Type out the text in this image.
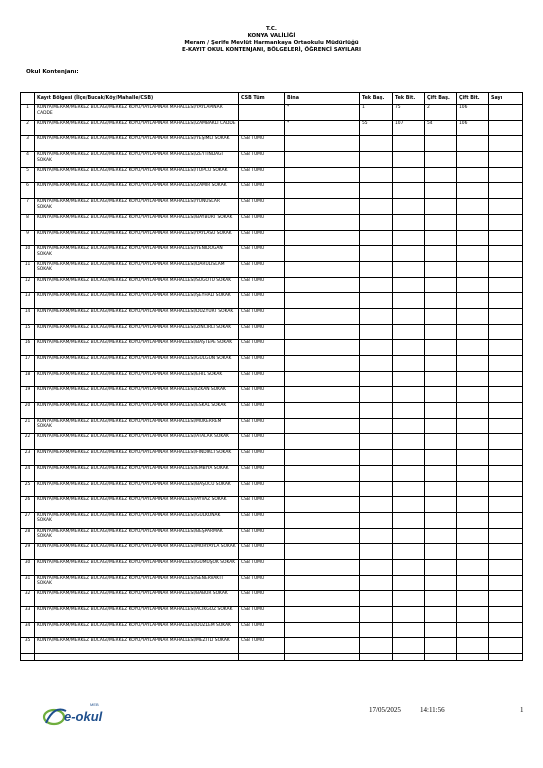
T.C.
KONYA VALİLİĞİ
Meram / Şerife Mevlüt Harmankaya Ortaokulu Müdürlüğü
E-KAYIT OKUL KONTENJANI, BÖLGELERİ, ÖĞRENCİ SAYILARI
Okul Kontenjanı:
	Kayıt Bölgesi (İlçe/Bucak/Köy/Mahalle/CSB)	CSB Tüm	Bina	Tek Baş.	Tek Bit.	Çift Baş.	Çift Bit.	Sayı
1	KONYA/MERAM/MERKEZ BUCAĞI/MERKEZ KÖYÜ/YAYLAPINAR MAHALLESİ/YAYLAPINAR CADDE		*	1	75	2	106	
2	KONYA/MERAM/MERKEZ BUCAĞI/MERKEZ KÖYÜ/YAYLAPINAR MAHALLESİ/ZAMBAKLI CADDE		*	55	107	54	106	
3	KONYA/MERAM/MERKEZ BUCAĞI/MERKEZ KÖYÜ/YAYLAPINAR MAHALLESİ/YEŞİMLİ SOKAK	CSB TÜMÜ						
4	KONYA/MERAM/MERKEZ BUCAĞI/MERKEZ KÖYÜ/YAYLAPINAR MAHALLESİ/ZEYTİNDAĞI SOKAK	CSB TÜMÜ						
5	KONYA/MERAM/MERKEZ BUCAĞI/MERKEZ KÖYÜ/YAYLAPINAR MAHALLESİ/TOPCU SOKAK	CSB TÜMÜ						
6	KONYA/MERAM/MERKEZ BUCAĞI/MERKEZ KÖYÜ/YAYLAPINAR MAHALLESİ/ZAMİR SOKAK	CSB TÜMÜ						
7	KONYA/MERAM/MERKEZ BUCAĞI/MERKEZ KÖYÜ/YAYLAPINAR MAHALLESİ/YUNUSLAR SOKAK	CSB TÜMÜ						
8	KONYA/MERAM/MERKEZ BUCAĞI/MERKEZ KÖYÜ/YAYLAPINAR MAHALLESİ/BAYBURT SOKAK	CSB TÜMÜ						
9	KONYA/MERAM/MERKEZ BUCAĞI/MERKEZ KÖYÜ/YAYLAPINAR MAHALLESİ/YAYLASU SOKAK	CSB TÜMÜ						
10	KONYA/MERAM/MERKEZ BUCAĞI/MERKEZ KÖYÜ/YAYLAPINAR MAHALLESİ/YENİDOĞAN SOKAK	CSB TÜMÜ						
11	KONYA/MERAM/MERKEZ BUCAĞI/MERKEZ KÖYÜ/YAYLAPINAR MAHALLESİ/DARÜLİSLAM SOKAK	CSB TÜMÜ						
12	KONYA/MERAM/MERKEZ BUCAĞI/MERKEZ KÖYÜ/YAYLAPINAR MAHALLESİ/SUGÖTÜ SOKAK	CSB TÜMÜ						
13	KONYA/MERAM/MERKEZ BUCAĞI/MERKEZ KÖYÜ/YAYLAPINAR MAHALLESİ/ŞEYHALİ SOKAK	CSB TÜMÜ						
14	KONYA/MERAM/MERKEZ BUCAĞI/MERKEZ KÖYÜ/YAYLAPINAR MAHALLESİ/DUZYURT SOKAK	CSB TÜMÜ						
15	KONYA/MERAM/MERKEZ BUCAĞI/MERKEZ KÖYÜ/YAYLAPINAR MAHALLESİ/ZİNCİRLİ SOKAK	CSB TÜMÜ						
16	KONYA/MERAM/MERKEZ BUCAĞI/MERKEZ KÖYÜ/YAYLAPINAR MAHALLESİ/BAŞTEPE SOKAK	CSB TÜMÜ						
17	KONYA/MERAM/MERKEZ BUCAĞI/MERKEZ KÖYÜ/YAYLAPINAR MAHALLESİ/GÜLGÜN SOKAK	CSB TÜMÜ						
18	KONYA/MERAM/MERKEZ BUCAĞI/MERKEZ KÖYÜ/YAYLAPINAR MAHALLESİ/EHİL SOKAK	CSB TÜMÜ						
19	KONYA/MERAM/MERKEZ BUCAĞI/MERKEZ KÖYÜ/YAYLAPINAR MAHALLESİ/İZKAN SOKAK	CSB TÜMÜ						
20	KONYA/MERAM/MERKEZ BUCAĞI/MERKEZ KÖYÜ/YAYLAPINAR MAHALLESİ/ESKAL SOKAK	CSB TÜMÜ						
21	KONYA/MERAM/MERKEZ BUCAĞI/MERKEZ KÖYÜ/YAYLAPINAR MAHALLESİ/MÜKERREM SOKAK	CSB TÜMÜ						
22	KONYA/MERAM/MERKEZ BUCAĞI/MERKEZ KÖYÜ/YAYLAPINAR MAHALLESİ/ATALAR SOKAK	CSB TÜMÜ						
23	KONYA/MERAM/MERKEZ BUCAĞI/MERKEZ KÖYÜ/YAYLAPINAR MAHALLESİ/FİNDİKCİ SOKAK	CSB TÜMÜ						
24	KONYA/MERAM/MERKEZ BUCAĞI/MERKEZ KÖYÜ/YAYLAPINAR MAHALLESİ/EMBİYA SOKAK	CSB TÜMÜ						
25	KONYA/MERAM/MERKEZ BUCAĞI/MERKEZ KÖYÜ/YAYLAPINAR MAHALLESİ/BAŞUCU SOKAK	CSB TÜMÜ						
26	KONYA/MERAM/MERKEZ BUCAĞI/MERKEZ KÖYÜ/YAYLAPINAR MAHALLESİ/AYVAZ SOKAK	CSB TÜMÜ						
27	KONYA/MERAM/MERKEZ BUCAĞI/MERKEZ KÖYÜ/YAYLAPINAR MAHALLESİ/GÜLKONAK SOKAK	CSB TÜMÜ						
28	KONYA/MERAM/MERKEZ BUCAĞI/MERKEZ KÖYÜ/YAYLAPINAR MAHALLESİ/BEŞPARMAK SOKAK	CSB TÜMÜ						
29	KONYA/MERAM/MERKEZ BUCAĞI/MERKEZ KÖYÜ/YAYLAPINAR MAHALLESİ/MORYAYLA SOKAK	CSB TÜMÜ						
30	KONYA/MERAM/MERKEZ BUCAĞI/MERKEZ KÖYÜ/YAYLAPINAR MAHALLESİ/GÜMÜŞOK SOKAK	CSB TÜMÜ						
31	KONYA/MERAM/MERKEZ BUCAĞI/MERKEZ KÖYÜ/YAYLAPINAR MAHALLESİ/SENERVAKTİ SOKAK	CSB TÜMÜ						
32	KONYA/MERAM/MERKEZ BUCAĞI/MERKEZ KÖYÜ/YAYLAPINAR MAHALLESİ/BABÜR SOKAK	CSB TÜMÜ						
33	KONYA/MERAM/MERKEZ BUCAĞI/MERKEZ KÖYÜ/YAYLAPINAR MAHALLESİ/ACIKGÖZ SOKAK	CSB TÜMÜ						
34	KONYA/MERAM/MERKEZ BUCAĞI/MERKEZ KÖYÜ/YAYLAPINAR MAHALLESİ/DÜZLEM SOKAK	CSB TÜMÜ						
35	KONYA/MERAM/MERKEZ BUCAĞI/MERKEZ KÖYÜ/YAYLAPINAR MAHALLESİ/MEZİTLİ SOKAK	CSB TÜMÜ						

MEB
e-okul	17/05/2025	14:11:56	1
